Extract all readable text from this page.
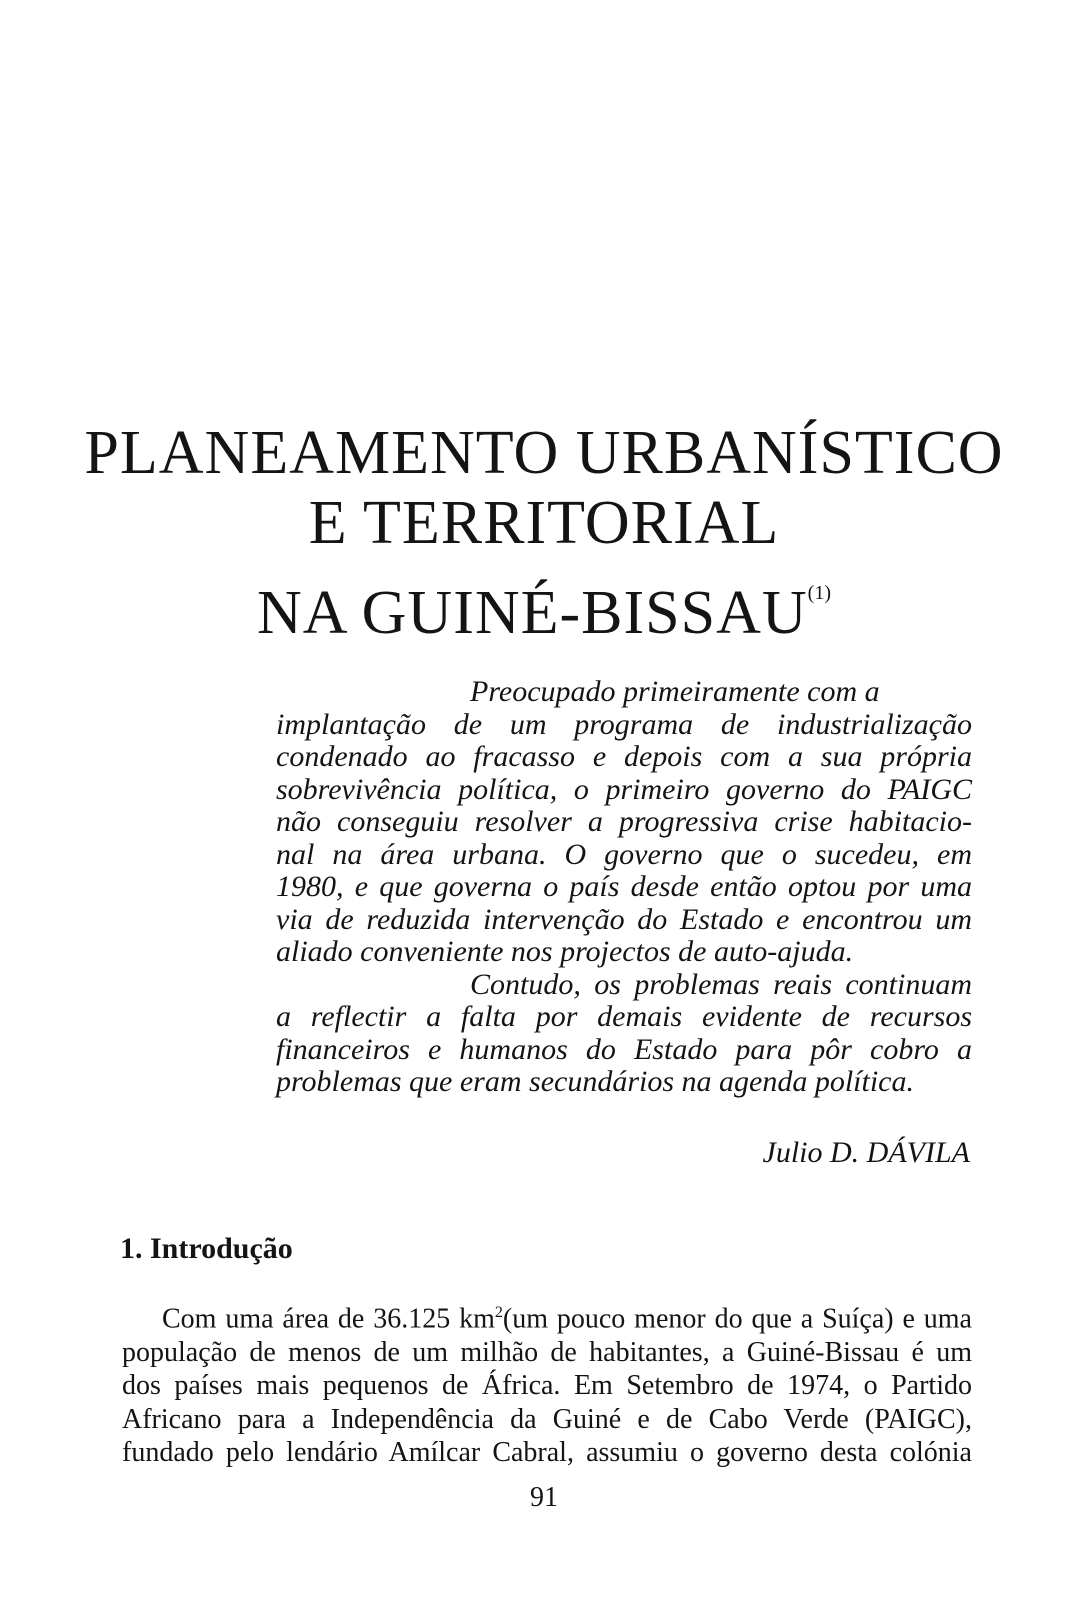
PLANEAMENTO URBANÍSTICO
E TERRITORIAL
NA GUINÉ-BISSAU$^{(1)}$
Preocupado primeiramente com a
implantação de um programa de industrialização
condenado ao fracasso e depois com a sua própria
sobrevivência política, o primeiro governo do PAIGC
não conseguiu resolver a progressiva crise habitacio-
nal na área urbana. O governo que o sucedeu, em
1980, e que governa o país desde então optou por uma
via de reduzida intervenção do Estado e encontrou um
aliado conveniente nos projectos de auto-ajuda.
Contudo, os problemas reais continuam
a reflectir a falta por demais evidente de recursos
financeiros e humanos do Estado para pôr cobro a
problemas que eram secundários na agenda política.
Julio D. DÁVILA
1. Introdução
Com uma área de 36.125 $km^2(um$ pouco menor do que a Suíça) e uma
população de menos de um milhão de habitantes, a Guiné-Bissau é um
dos países mais pequenos de África. Em Setembro de 1974, o Partido
Africano para a Independência da Guiné e de Cabo Verde (PAIGC),
fundado pelo lendário Amílcar Cabral, assumiu o governo desta colónia
91
